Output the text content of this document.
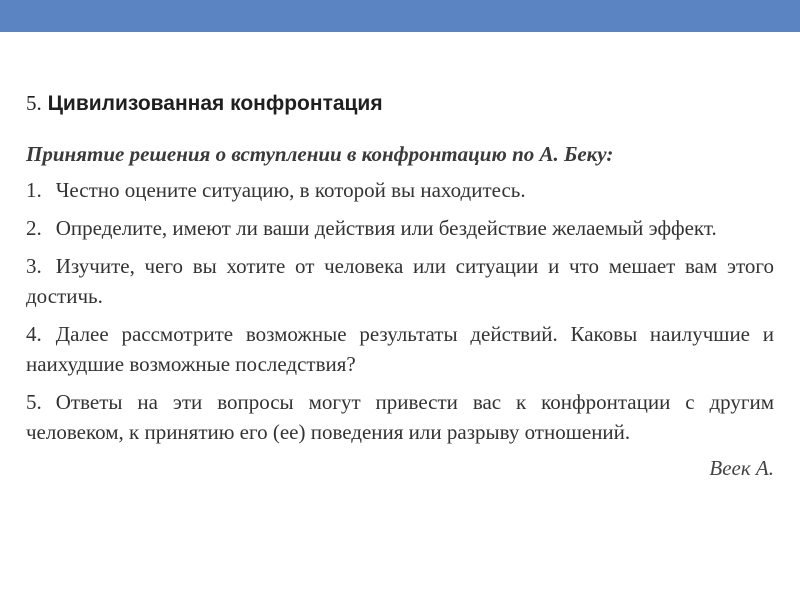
5. Цивилизованная конфронтация

Принятие решения о вступлении в конфронтацию по А. Беку:

1. Честно оцените ситуацию, в которой вы находитесь.

2. Определите, имеют ли ваши действия или бездействие желаемый эффект.

3. Изучите, чего вы хотите от человека или ситуации и что мешает вам этого достичь.

4. Далее рассмотрите возможные результаты действий. Каковы наилучшие и наихудшие возможные последствия?

5. Ответы на эти вопросы могут привести вас к конфронтации с другим человеком, к принятию его (ее) поведения или разрыву отношений.

Веек А.
